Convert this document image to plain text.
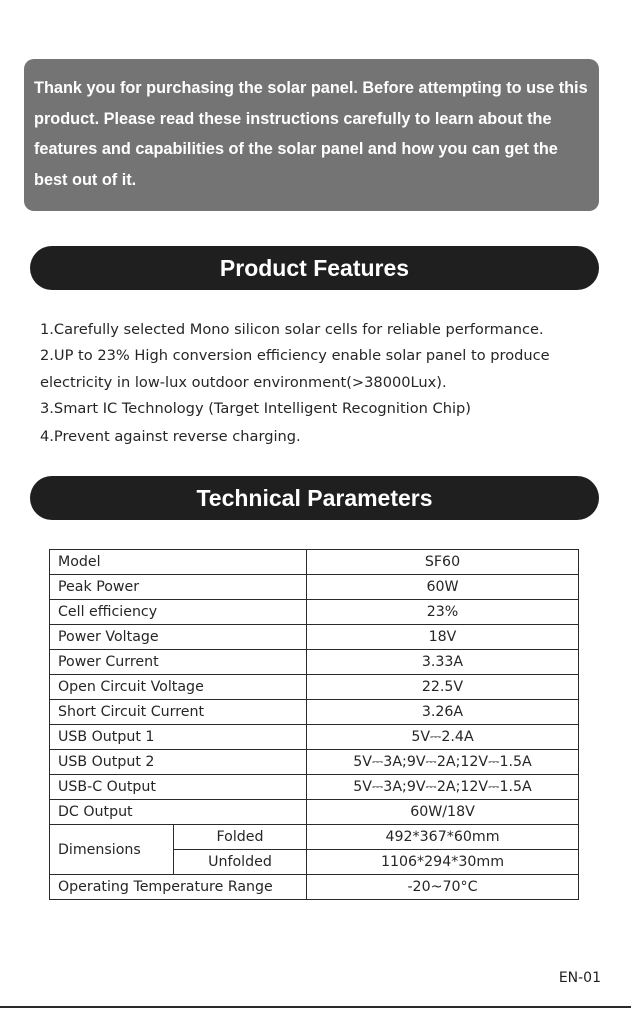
Thank you for purchasing the solar panel. Before attempting to use this product. Please read these instructions carefully to learn about the features and capabilities of the solar panel and how you can get the best out of it.
Product Features
1.Carefully selected Mono silicon solar cells for reliable performance.
2.UP to 23% High conversion efficiency enable solar panel to produce
electricity in low-lux outdoor environment(>38000Lux).
3.Smart IC Technology (Target Intelligent Recognition Chip)
4.Prevent against reverse charging.
Technical Parameters
Model		SF60
Peak Power		60W
Cell efficiency		23%
Power Voltage		18V
Power Current		3.33A
Open Circuit Voltage		22.5V
Short Circuit Current		3.26A
USB Output 1		5V⎓2.4A
USB Output 2		5V⎓3A;9V⎓2A;12V⎓1.5A
USB-C Output		5V⎓3A;9V⎓2A;12V⎓1.5A
DC Output		60W/18V
Dimensions	Folded	492*367*60mm
	Unfolded	1106*294*30mm
Operating Temperature Range		-20~70°C
EN-01
